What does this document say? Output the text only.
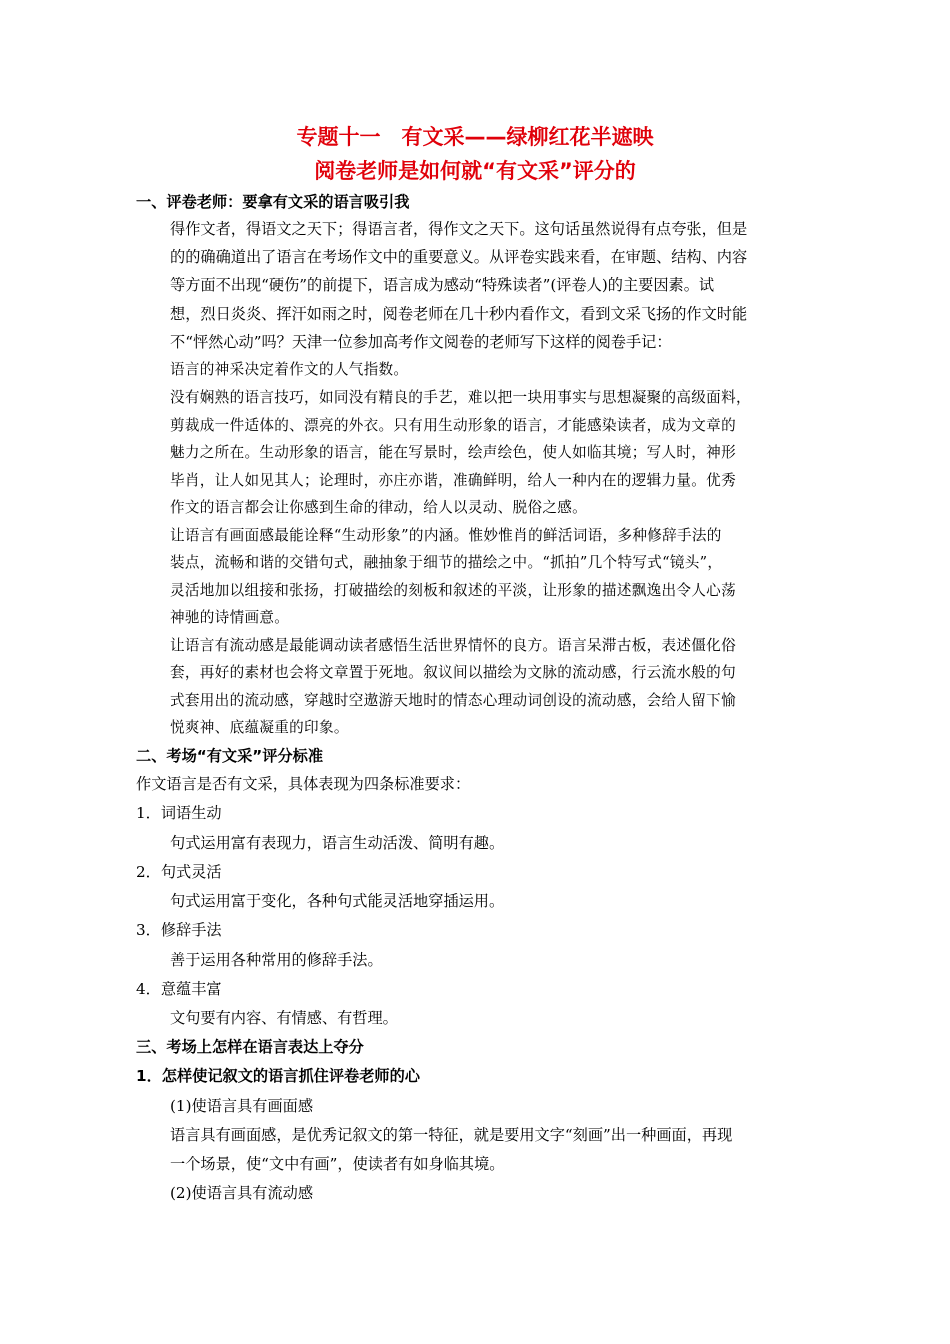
专题十一　有文采——绿柳红花半遮映
阅卷老师是如何就“有文采”评分的
一、评卷老师：要拿有文采的语言吸引我
得作文者，得语文之天下；得语言者，得作文之天下。这句话虽然说得有点夸张，但是
的的确确道出了语言在考场作文中的重要意义。从评卷实践来看，在审题、结构、内容
等方面不出现“硬伤”的前提下，语言成为感动“特殊读者”(评卷人)的主要因素。试
想，烈日炎炎、挥汗如雨之时，阅卷老师在几十秒内看作文，看到文采飞扬的作文时能
不“怦然心动”吗？天津一位参加高考作文阅卷的老师写下这样的阅卷手记：
语言的神采决定着作文的人气指数。
没有娴熟的语言技巧，如同没有精良的手艺，难以把一块用事实与思想凝聚的高级面料，
剪裁成一件适体的、漂亮的外衣。只有用生动形象的语言，才能感染读者，成为文章的
魅力之所在。生动形象的语言，能在写景时，绘声绘色，使人如临其境；写人时，神形
毕肖，让人如见其人；论理时，亦庄亦谐，准确鲜明，给人一种内在的逻辑力量。优秀
作文的语言都会让你感到生命的律动，给人以灵动、脱俗之感。
让语言有画面感最能诠释“生动形象”的内涵。惟妙惟肖的鲜活词语，多种修辞手法的
装点，流畅和谐的交错句式，融抽象于细节的描绘之中。“抓拍”几个特写式“镜头”，
灵活地加以组接和张扬，打破描绘的刻板和叙述的平淡，让形象的描述飘逸出令人心荡
神驰的诗情画意。
让语言有流动感是最能调动读者感悟生活世界情怀的良方。语言呆滞古板，表述僵化俗
套，再好的素材也会将文章置于死地。叙议间以描绘为文脉的流动感，行云流水般的句
式套用出的流动感，穿越时空遨游天地时的情态心理动词创设的流动感，会给人留下愉
悦爽神、底蕴凝重的印象。
二、考场“有文采”评分标准
作文语言是否有文采，具体表现为四条标准要求：
1．词语生动
句式运用富有表现力，语言生动活泼、简明有趣。
2．句式灵活
句式运用富于变化，各种句式能灵活地穿插运用。
3．修辞手法
善于运用各种常用的修辞手法。
4．意蕴丰富
文句要有内容、有情感、有哲理。
三、考场上怎样在语言表达上夺分
1．怎样使记叙文的语言抓住评卷老师的心
(1)使语言具有画面感
语言具有画面感，是优秀记叙文的第一特征，就是要用文字“刻画”出一种画面，再现
一个场景，使“文中有画”，使读者有如身临其境。
(2)使语言具有流动感
